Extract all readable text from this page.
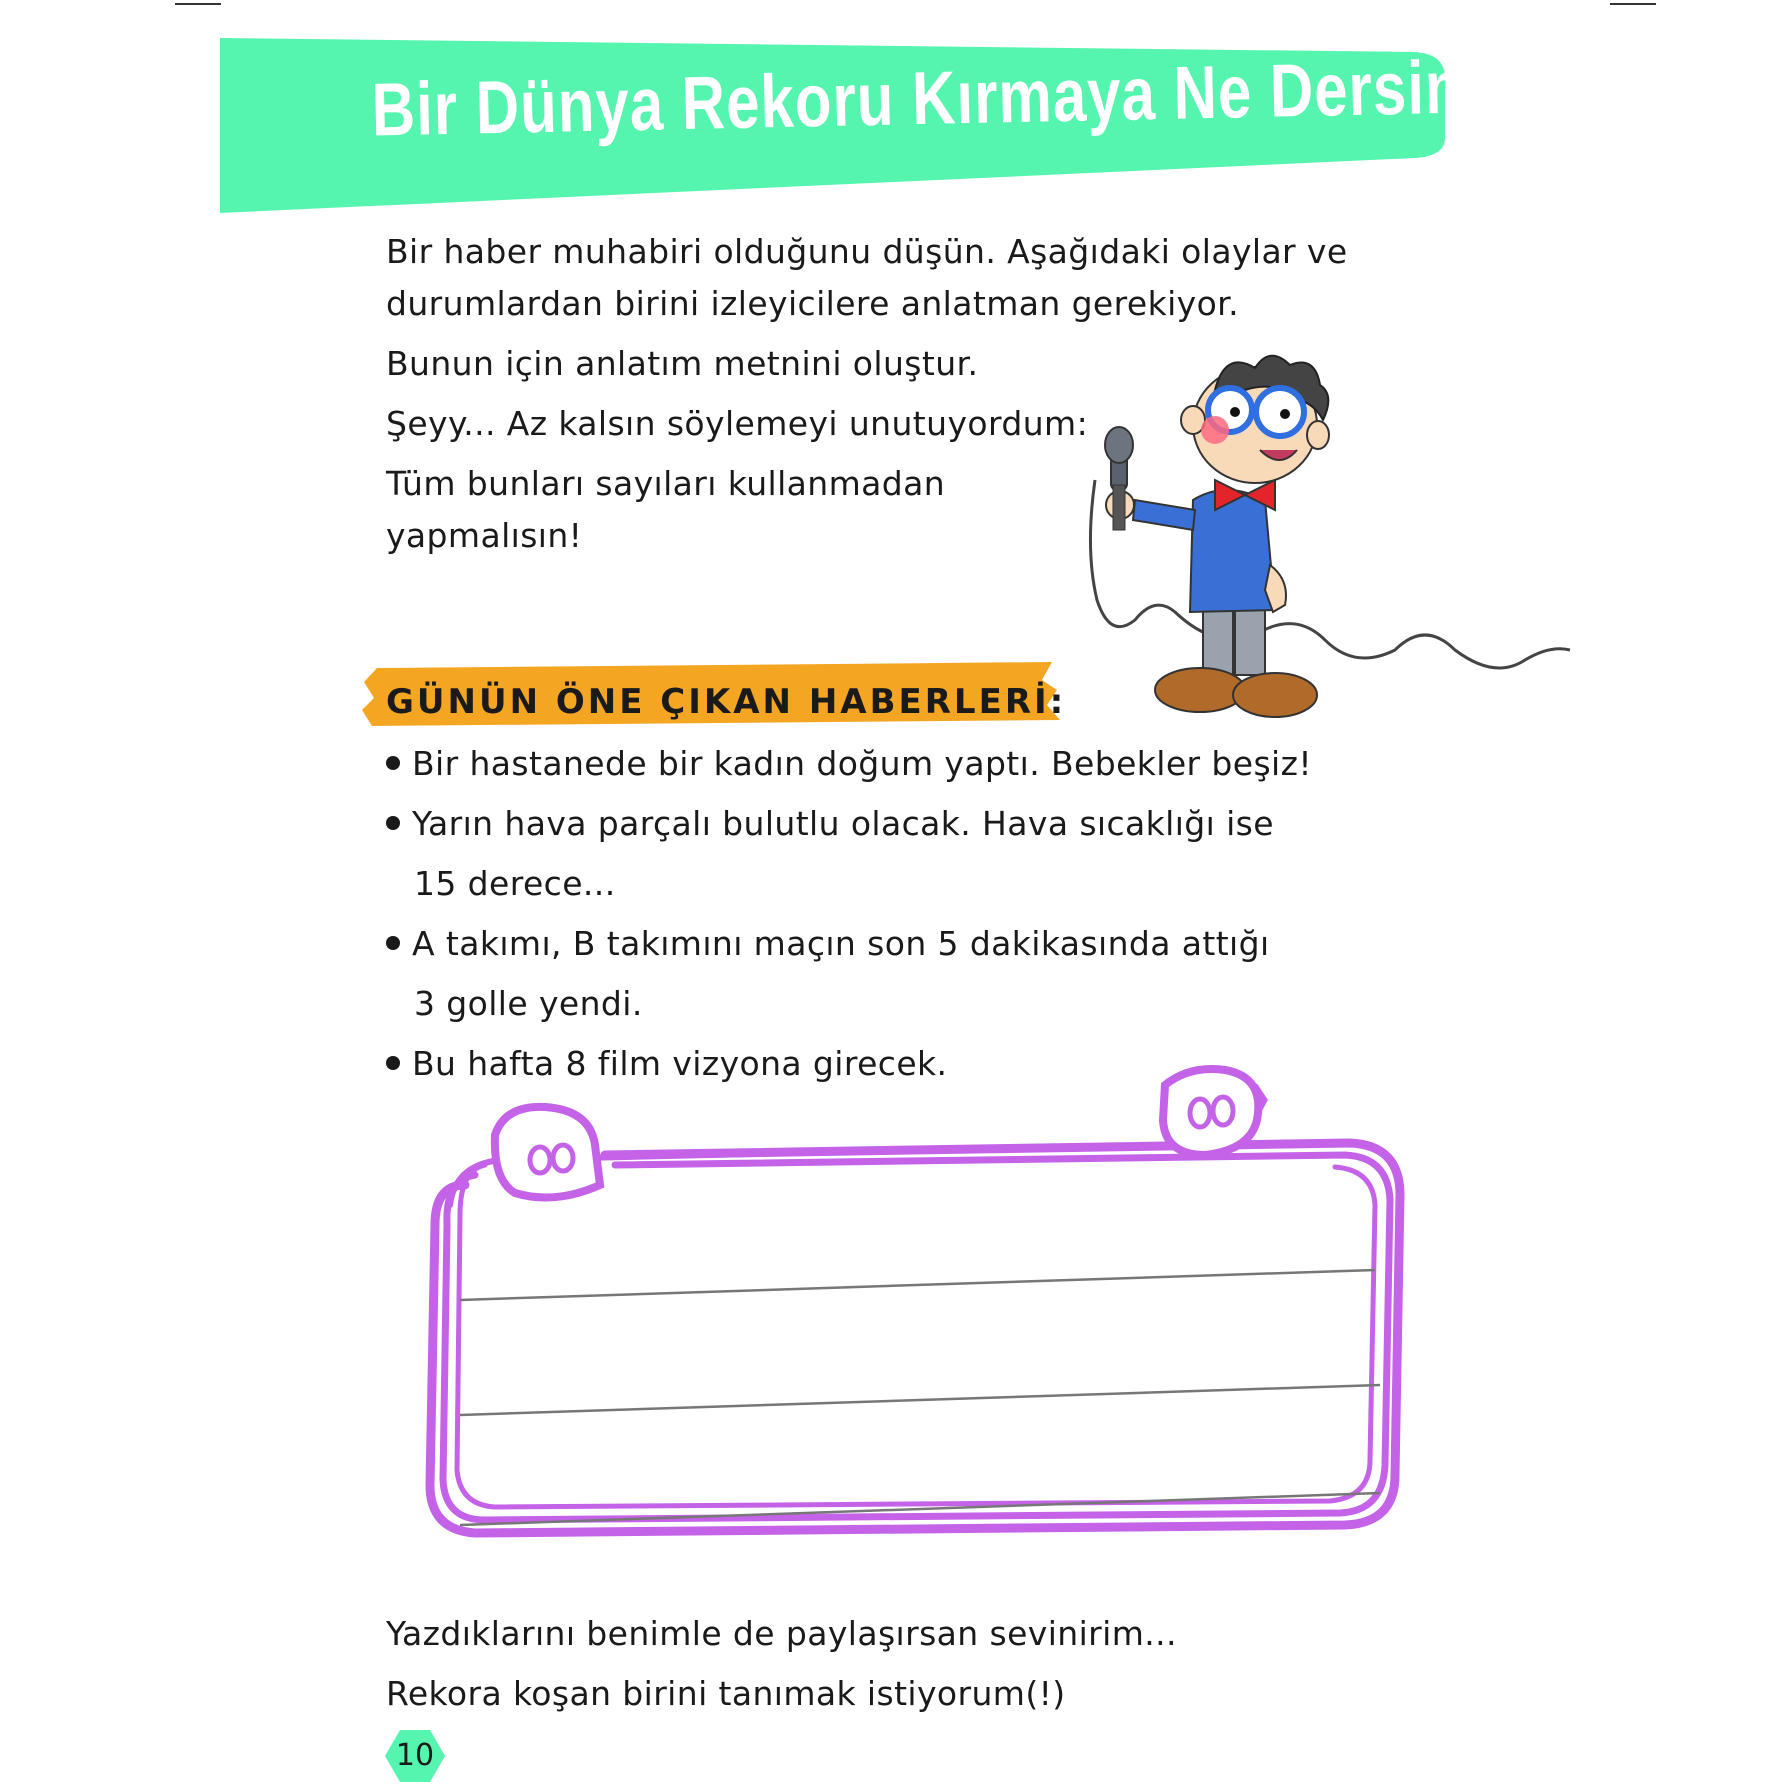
Bir Dünya Rekoru Kırmaya Ne Dersin?
Bir haber muhabiri olduğunu düşün. Aşağıdaki olaylar ve
durumlardan birini izleyicilere anlatman gerekiyor.
Bunun için anlatım metnini oluştur.
Şeyy... Az kalsın söylemeyi unutuyordum:
Tüm bunları sayıları kullanmadan
yapmalısın!
GÜNÜN ÖNE ÇIKAN HABERLERİ:
Bir hastanede bir kadın doğum yaptı. Bebekler beşiz!
Yarın hava parçalı bulutlu olacak. Hava sıcaklığı ise
15 derece...
A takımı, B takımını maçın son 5 dakikasında attığı
3 golle yendi.
Bu hafta 8 film vizyona girecek.
Yazdıklarını benimle de paylaşırsan sevinirim...
Rekora koşan birini tanımak istiyorum(!)
10
